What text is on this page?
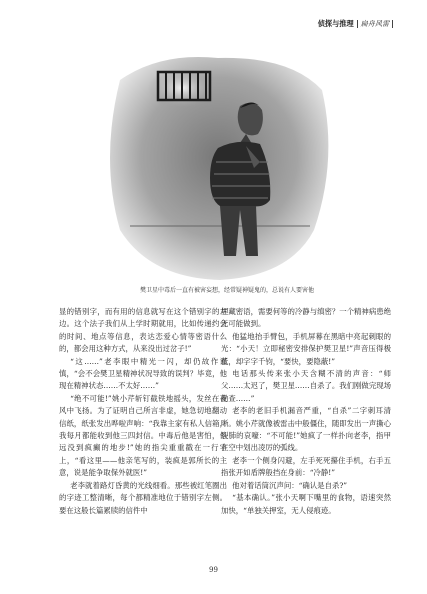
侦探与推理 扁舟风雷
樊卫星中毒后一直有被害妄想，经常疑神疑鬼的，总说有人要害他

显的错别字，而有用的信息就写在这个错别字的左边。这个法子我们从上学时期就用，比如传递约会的时间、地点等信息，表达恋爱心情等密语什么的，都会用这种方式，从来没出过岔子!”

“这……”老李眼中精光一闪，却仍故作谨慎，“会不会樊卫星精神状况导致的误判？毕竟，他现在精神状态……不太好……”

“绝不可能!”姚小芹斩钉截铁地摇头，发丝在夜风中飞扬。为了证明自己所言非虚，她急切地翻动信纸，纸张发出哗啦声响：“我靠主家有私人信箱，我每月都能收到他三四封信。中毒后他是害怕，但远没到疯癫的地步!”她的指尖重重戳在一行字上，“看这里——他亲笔写的，装疯是郭所长的主意，说是能争取保外就医!”

老李就着路灯昏黄的光线细看。那些被红笔圈出的字迹工整清晰，每个都精准地位于错别字左侧。要在这般长篇累牍的信件中

埋藏密语，需要何等的冷静与缜密？一个精神病患绝无可能做到。

他猛地抬手臂包，手机屏幕在黑暗中亮起刺眼的光：“小天！立即秘密安排保护樊卫星!”声音压得极低，却字字千钧，“要快，要隐蔽!”

电话那头传来张小天含糊不清的声音：“师父……太迟了，樊卫星……自杀了。我们刚做完现场勘查……”

老李的老旧手机漏音严重，“自杀”二字刺耳清晰。姚小芹就像被雷击中般僵住，随即发出一声撕心裂肺的哀嚎：“不可能!”她疯了一样扑向老李，指甲在空中划出凌厉的弧线。

老李一个侧身闪避，左手死死攥住手机，右手五指张开如盾牌般挡在身前：“冷静!”

他对着话筒沉声问：“确认是自杀?”

“基本确认。”张小天啊下嘴里的食物，语速突然加快，“单独关押室，无人侵痕迹。

99
